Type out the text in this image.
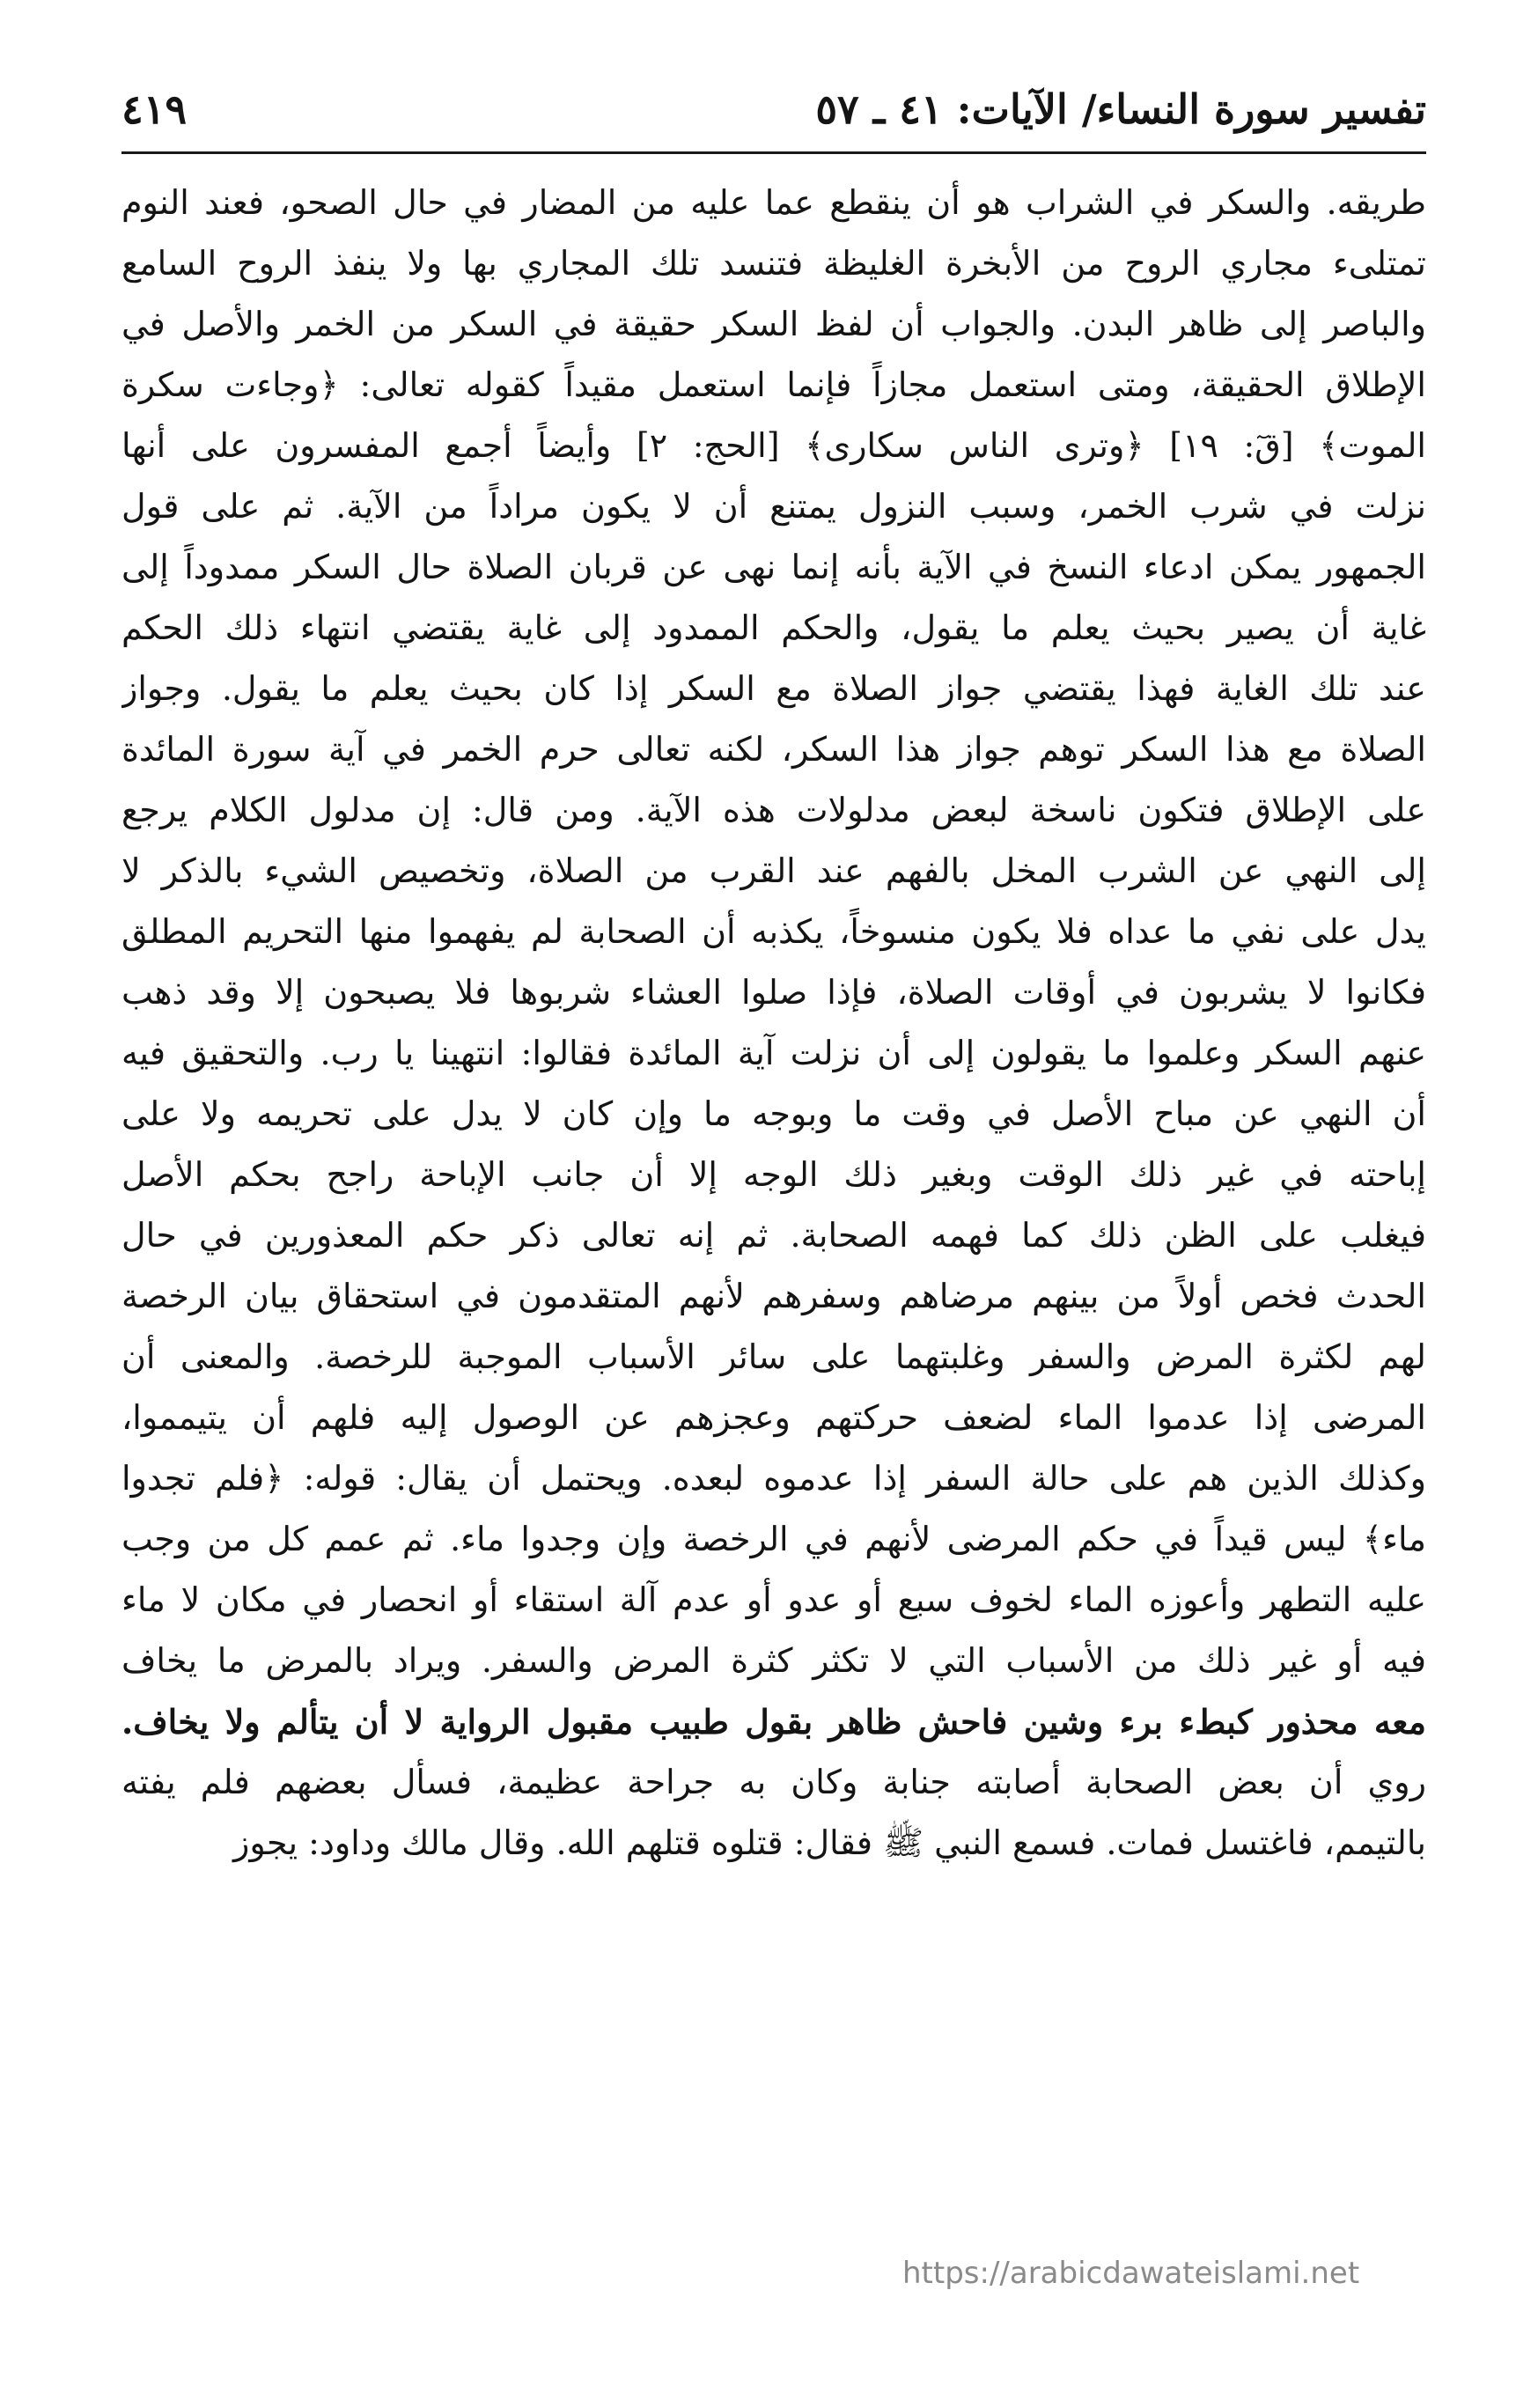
تفسير سورة النساء/ الآيات: ٤١ ـ ٥٧
٤١٩
طريقه. والسكر في الشراب هو أن ينقطع عما عليه من المضار في حال الصحو، فعند النوم
تمتلىء مجاري الروح من الأبخرة الغليظة فتنسد تلك المجاري بها ولا ينفذ الروح السامع
والباصر إلى ظاهر البدن. والجواب أن لفظ السكر حقيقة في السكر من الخمر والأصل في
الإطلاق الحقيقة، ومتى استعمل مجازاً فإنما استعمل مقيداً كقوله تعالى: ﴿وجاءت سكرة
الموت﴾ [قٓ: ١٩] ﴿وترى الناس سكارى﴾ [الحج: ٢] وأيضاً أجمع المفسرون على أنها
نزلت في شرب الخمر، وسبب النزول يمتنع أن لا يكون مراداً من الآية. ثم على قول
الجمهور يمكن ادعاء النسخ في الآية بأنه إنما نهى عن قربان الصلاة حال السكر ممدوداً إلى
غاية أن يصير بحيث يعلم ما يقول، والحكم الممدود إلى غاية يقتضي انتهاء ذلك الحكم
عند تلك الغاية فهذا يقتضي جواز الصلاة مع السكر إذا كان بحيث يعلم ما يقول. وجواز
الصلاة مع هذا السكر توهم جواز هذا السكر، لكنه تعالى حرم الخمر في آية سورة المائدة
على الإطلاق فتكون ناسخة لبعض مدلولات هذه الآية. ومن قال: إن مدلول الكلام يرجع
إلى النهي عن الشرب المخل بالفهم عند القرب من الصلاة، وتخصيص الشيء بالذكر لا
يدل على نفي ما عداه فلا يكون منسوخاً، يكذبه أن الصحابة لم يفهموا منها التحريم المطلق
فكانوا لا يشربون في أوقات الصلاة، فإذا صلوا العشاء شربوها فلا يصبحون إلا وقد ذهب
عنهم السكر وعلموا ما يقولون إلى أن نزلت آية المائدة فقالوا: انتهينا يا رب. والتحقيق فيه
أن النهي عن مباح الأصل في وقت ما وبوجه ما وإن كان لا يدل على تحريمه ولا على
إباحته في غير ذلك الوقت وبغير ذلك الوجه إلا أن جانب الإباحة راجح بحكم الأصل
فيغلب على الظن ذلك كما فهمه الصحابة. ثم إنه تعالى ذكر حكم المعذورين في حال
الحدث فخص أولاً من بينهم مرضاهم وسفرهم لأنهم المتقدمون في استحقاق بيان الرخصة
لهم لكثرة المرض والسفر وغلبتهما على سائر الأسباب الموجبة للرخصة. والمعنى أن
المرضى إذا عدموا الماء لضعف حركتهم وعجزهم عن الوصول إليه فلهم أن يتيمموا،
وكذلك الذين هم على حالة السفر إذا عدموه لبعده. ويحتمل أن يقال: قوله: ﴿فلم تجدوا
ماء﴾ ليس قيداً في حكم المرضى لأنهم في الرخصة وإن وجدوا ماء. ثم عمم كل من وجب
عليه التطهر وأعوزه الماء لخوف سبع أو عدو أو عدم آلة استقاء أو انحصار في مكان لا ماء
فيه أو غير ذلك من الأسباب التي لا تكثر كثرة المرض والسفر. ويراد بالمرض ما يخاف
معه محذور كبطء برء وشين فاحش ظاهر بقول طبيب مقبول الرواية لا أن يتألم ولا يخاف.
روي أن بعض الصحابة أصابته جنابة وكان به جراحة عظيمة، فسأل بعضهم فلم يفته
بالتيمم، فاغتسل فمات. فسمع النبي ﷺ فقال: قتلوه قتلهم الله. وقال مالك وداود: يجوز
https://arabicdawateislami.net
